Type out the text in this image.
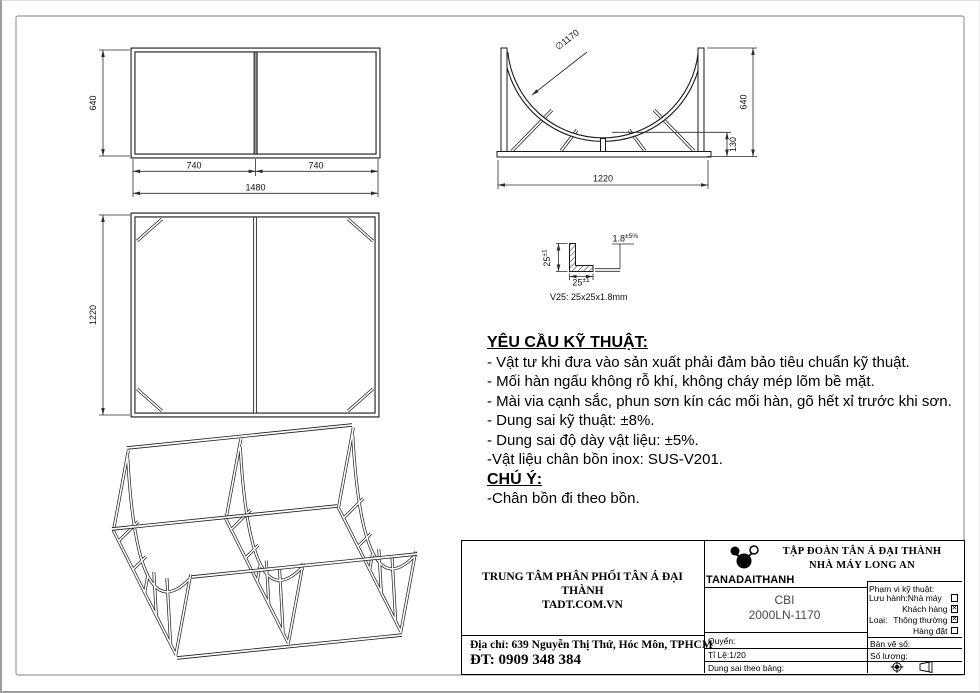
640
740	740
1480
∅1170
640
130
1220
1220
$25^{\pm 1}$
$25^{\pm 1}$
$1.8^{\pm 5\%}$
V25: 25x25x1.8mm
YÊU CẦU KỸ THUẬT:
- Vật tư khi đưa vào sản xuất phải đảm bảo tiêu chuẩn kỹ thuật.
- Mối hàn ngấu không rỗ khí, không cháy mép lõm bề mặt.
- Mài via cạnh sắc, phun sơn kín các mối hàn, gõ hết xỉ trước khi sơn.
- Dung sai kỹ thuật: ±8%.
- Dung sai độ dày vật liệu: ±5%.
-Vật liệu chân bồn inox: SUS-V201.
CHÚ Ý:
-Chân bồn đi theo bồn.
TRUNG TÂM PHÂN PHỐI TÂN Á ĐẠI THÀNH
TADT.COM.VN
Địa chỉ: 639 Nguyễn Thị Thứ, Hóc Môn, TPHCM
ĐT: 0909 348 384
TANADAITHANH
TẬP ĐOÀN TÂN Á ĐẠI THÀNH
NHÀ MÁY LONG AN
CBI
2000LN-1170
Phạm vi kỹ thuật:
Lưu hành:Nhà máy
Khách hàng ✕
Loại: Thông thường ✕
Hàng đặt
Quyển:
Tỉ Lệ:1/20
Dung sai theo bảng:
Bản vẽ số:
Số lượng:
